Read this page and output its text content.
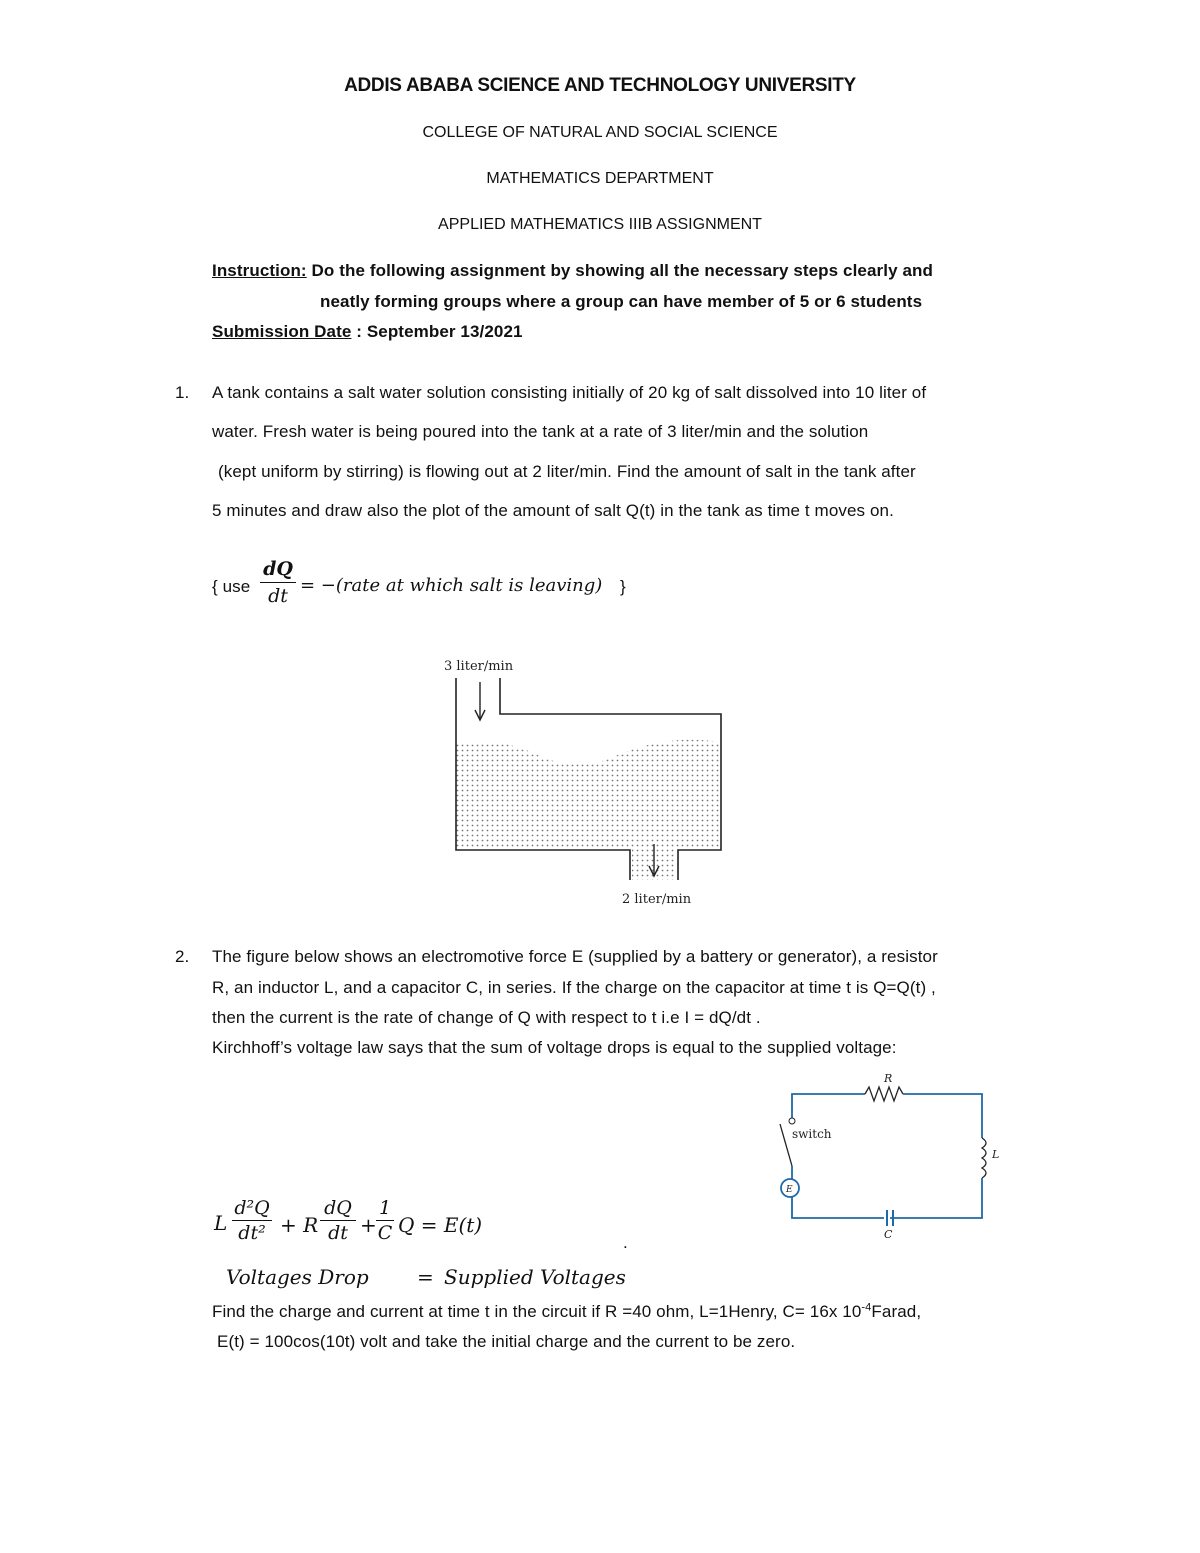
ADDIS ABABA SCIENCE AND TECHNOLOGY UNIVERSITY
COLLEGE OF NATURAL AND SOCIAL SCIENCE
MATHEMATICS DEPARTMENT
APPLIED MATHEMATICS IIIB ASSIGNMENT
Instruction: Do the following assignment by showing all the necessary steps clearly and
neatly forming groups where a group can have member of 5 or 6 students
Submission Date : September 13/2021
1. A tank contains a salt water solution consisting initially of 20 kg of salt dissolved into 10 liter of
water. Fresh water is being poured into the tank at a rate of 3 liter/min and the solution
(kept uniform by stirring) is flowing out at 2 liter/min. Find the amount of salt in the tank after
5 minutes and draw also the plot of the amount of salt Q(t) in the tank as time t moves on.
{ use
dQ
dt = −(rate at which salt is leaving) }
3 liter/min
2 liter/min
2. The figure below shows an electromotive force E (supplied by a battery or generator), a resistor
R, an inductor L, and a capacitor C, in series. If the charge on the capacitor at time t is Q=Q(t) ,
then the current is the rate of change of Q with respect to t i.e I = dQ/dt .
Kirchhoff’s voltage law says that the sum of voltage drops is equal to the supplied voltage:
R
L
C
switch
E
L
d²Q
dt² + R
dQ
dt +
1
C Q = E(t)
.
Voltages Drop = Supplied Voltages
Find the charge and current at time t in the circuit if R =40 ohm, L=1Henry, C= 16x $10^{-4}Farad$,
E(t) = 100cos(10t) volt and take the initial charge and the current to be zero.
